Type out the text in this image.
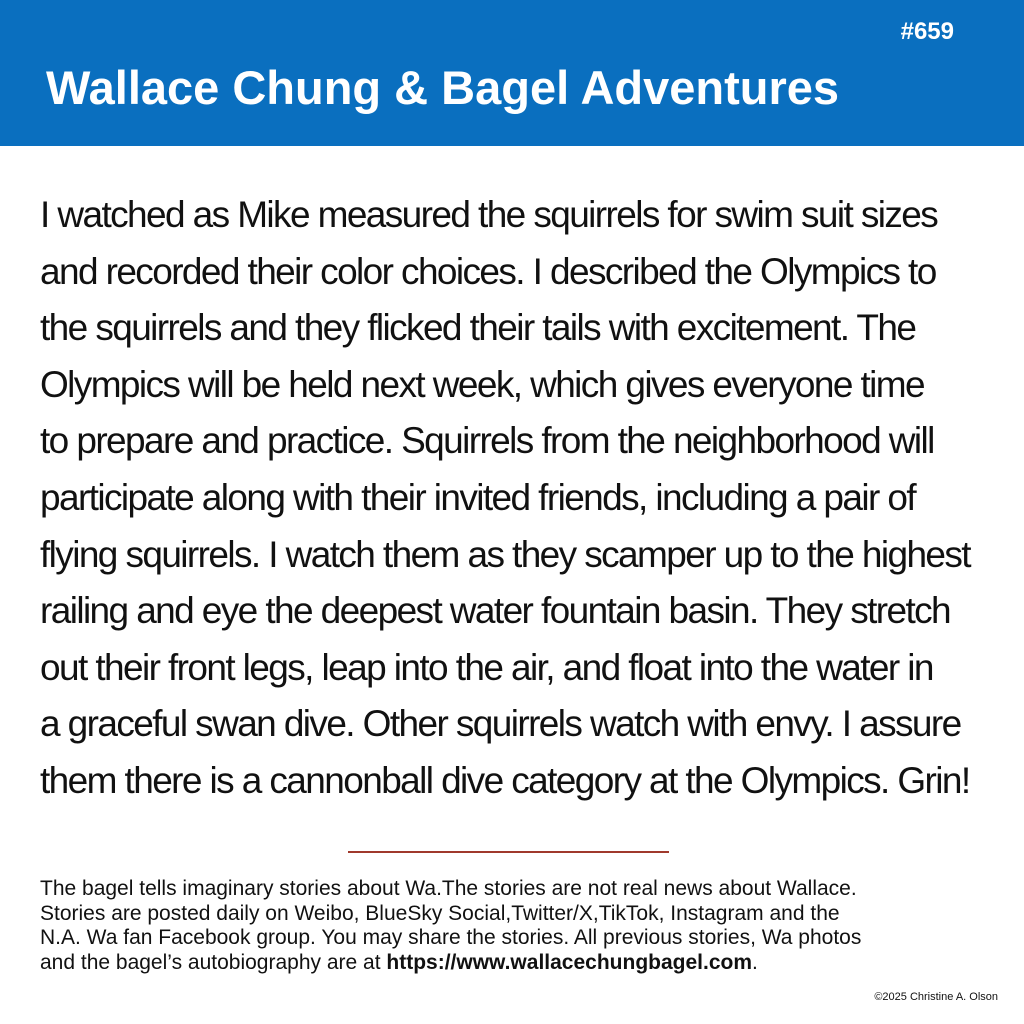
#659
Wallace Chung & Bagel Adventures
I watched as Mike measured the squirrels for swim suit sizes
and recorded their color choices. I described the Olympics to
the squirrels and they flicked their tails with excitement. The
Olympics will be held next week, which gives everyone time
to prepare and practice. Squirrels from the neighborhood will
participate along with their invited friends, including a pair of
flying squirrels. I watch them as they scamper up to the highest
railing and eye the deepest water fountain basin. They stretch
out their front legs, leap into the air, and float into the water in
a graceful swan dive. Other squirrels watch with envy. I assure
them there is a cannonball dive category at the Olympics. Grin!
The bagel tells imaginary stories about Wa.The stories are not real news about Wallace.
Stories are posted daily on Weibo, BlueSky Social,Twitter/X,TikTok, Instagram and the
N.A. Wa fan Facebook group. You may share the stories. All previous stories, Wa photos
and the bagel’s autobiography are at https://www.wallacechungbagel.com.
©2025 Christine A. Olson
